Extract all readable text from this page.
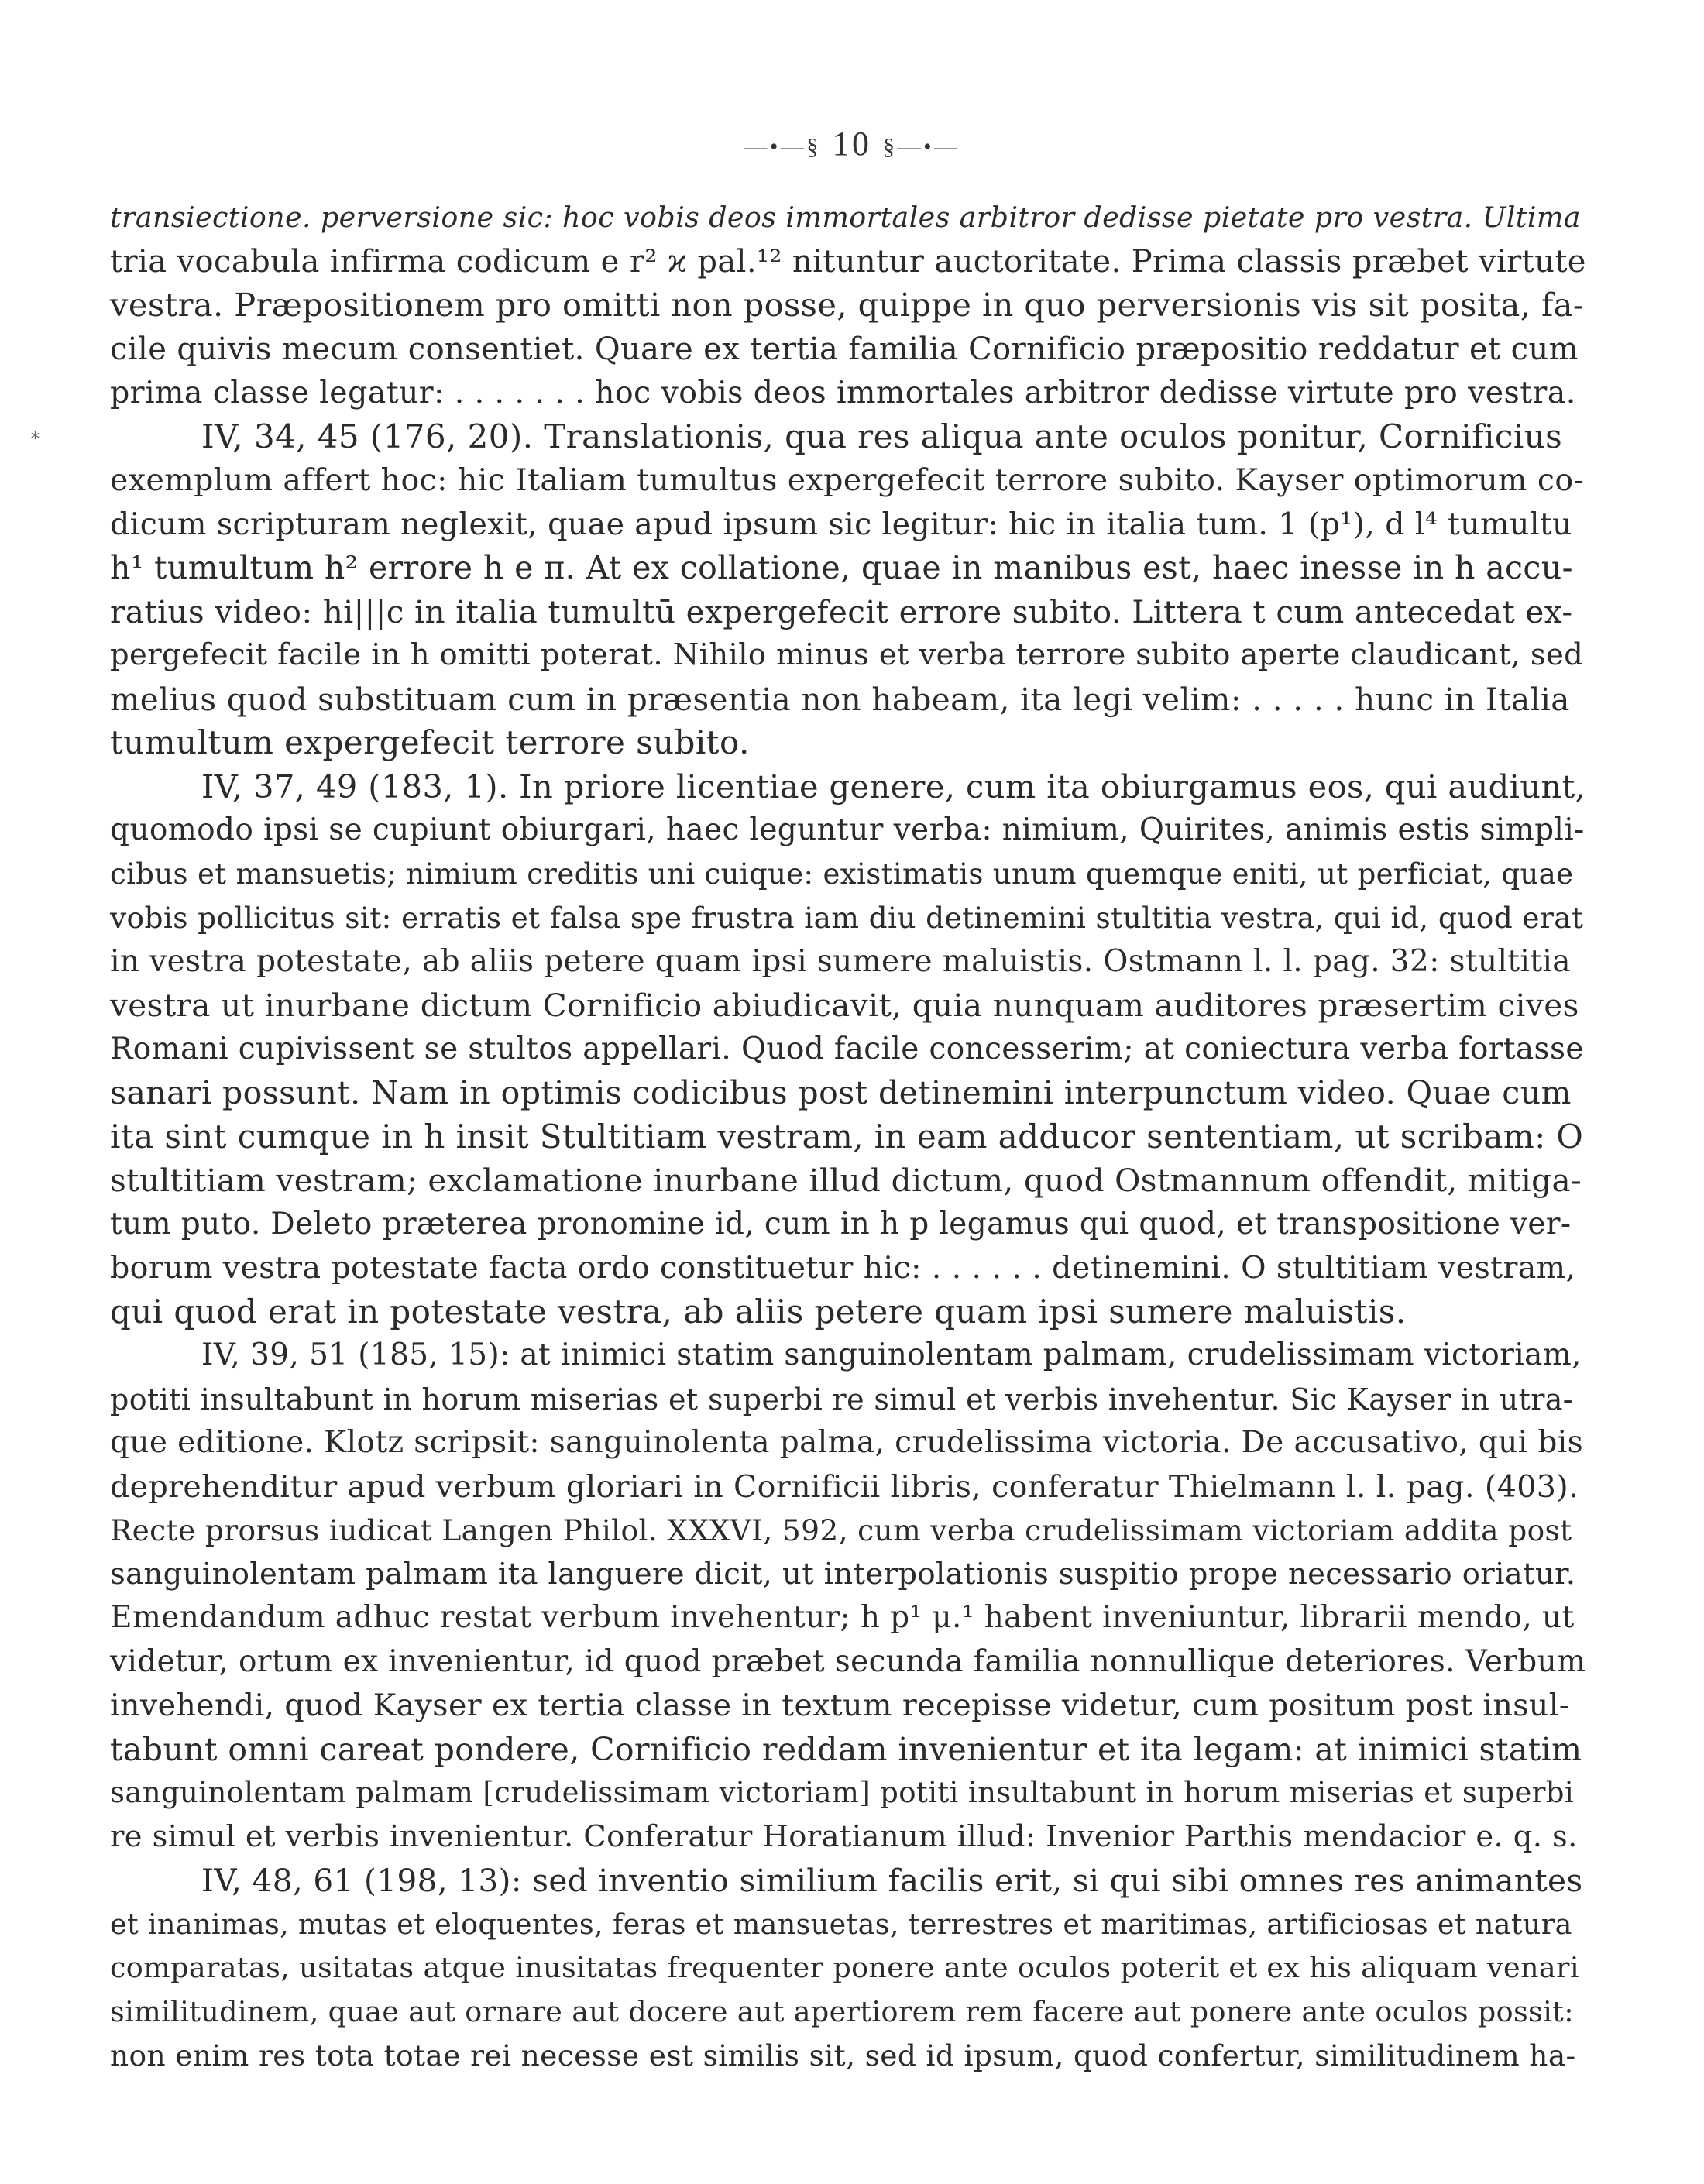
—•—§ 10 §—•—
*
transiectione. perversione sic: hoc vobis deos immortales arbitror dedisse pietate pro vestra. Ultima
tria vocabula infirma codicum e r² ϰ pal.¹² nituntur auctoritate. Prima classis præbet virtute
vestra. Præpositionem pro omitti non posse, quippe in quo perversionis vis sit posita, fa-
cile quivis mecum consentiet. Quare ex tertia familia Cornificio præpositio reddatur et cum
prima classe legatur: . . . . . . . hoc vobis deos immortales arbitror dedisse virtute pro vestra.
IV, 34, 45 (176, 20). Translationis, qua res aliqua ante oculos ponitur, Cornificius
exemplum affert hoc: hic Italiam tumultus expergefecit terrore subito. Kayser optimorum co-
dicum scripturam neglexit, quae apud ipsum sic legitur: hic in italia tum. 1 (p¹), d l⁴ tumultu
h¹ tumultum h² errore h e π. At ex collatione, quae in manibus est, haec inesse in h accu-
ratius video: hi|||c in italia tumultū expergefecit errore subito. Littera t cum antecedat ex-
pergefecit facile in h omitti poterat. Nihilo minus et verba terrore subito aperte claudicant, sed
melius quod substituam cum in præsentia non habeam, ita legi velim: . . . . . hunc in Italia
tumultum expergefecit terrore subito.
IV, 37, 49 (183, 1). In priore licentiae genere, cum ita obiurgamus eos, qui audiunt,
quomodo ipsi se cupiunt obiurgari, haec leguntur verba: nimium, Quirites, animis estis simpli-
cibus et mansuetis; nimium creditis uni cuique: existimatis unum quemque eniti, ut perficiat, quae
vobis pollicitus sit: erratis et falsa spe frustra iam diu detinemini stultitia vestra, qui id, quod erat
in vestra potestate, ab aliis petere quam ipsi sumere maluistis. Ostmann l. l. pag. 32: stultitia
vestra ut inurbane dictum Cornificio abiudicavit, quia nunquam auditores præsertim cives
Romani cupivissent se stultos appellari. Quod facile concesserim; at coniectura verba fortasse
sanari possunt. Nam in optimis codicibus post detinemini interpunctum video. Quae cum
ita sint cumque in h insit Stultitiam vestram, in eam adducor sententiam, ut scribam: O
stultitiam vestram; exclamatione inurbane illud dictum, quod Ostmannum offendit, mitiga-
tum puto. Deleto præterea pronomine id, cum in h p legamus qui quod, et transpositione ver-
borum vestra potestate facta ordo constituetur hic: . . . . . . detinemini. O stultitiam vestram,
qui quod erat in potestate vestra, ab aliis petere quam ipsi sumere maluistis.
IV, 39, 51 (185, 15): at inimici statim sanguinolentam palmam, crudelissimam victoriam,
potiti insultabunt in horum miserias et superbi re simul et verbis invehentur. Sic Kayser in utra-
que editione. Klotz scripsit: sanguinolenta palma, crudelissima victoria. De accusativo, qui bis
deprehenditur apud verbum gloriari in Cornificii libris, conferatur Thielmann l. l. pag. (403).
Recte prorsus iudicat Langen Philol. XXXVI, 592, cum verba crudelissimam victoriam addita post
sanguinolentam palmam ita languere dicit, ut interpolationis suspitio prope necessario oriatur.
Emendandum adhuc restat verbum invehentur; h p¹ μ.¹ habent inveniuntur, librarii mendo, ut
videtur, ortum ex invenientur, id quod præbet secunda familia nonnullique deteriores. Verbum
invehendi, quod Kayser ex tertia classe in textum recepisse videtur, cum positum post insul-
tabunt omni careat pondere, Cornificio reddam invenientur et ita legam: at inimici statim
sanguinolentam palmam [crudelissimam victoriam] potiti insultabunt in horum miserias et superbi
re simul et verbis invenientur. Conferatur Horatianum illud: Invenior Parthis mendacior e. q. s.
IV, 48, 61 (198, 13): sed inventio similium facilis erit, si qui sibi omnes res animantes
et inanimas, mutas et eloquentes, feras et mansuetas, terrestres et maritimas, artificiosas et natura
comparatas, usitatas atque inusitatas frequenter ponere ante oculos poterit et ex his aliquam venari
similitudinem, quae aut ornare aut docere aut apertiorem rem facere aut ponere ante oculos possit:
non enim res tota totae rei necesse est similis sit, sed id ipsum, quod confertur, similitudinem ha-
